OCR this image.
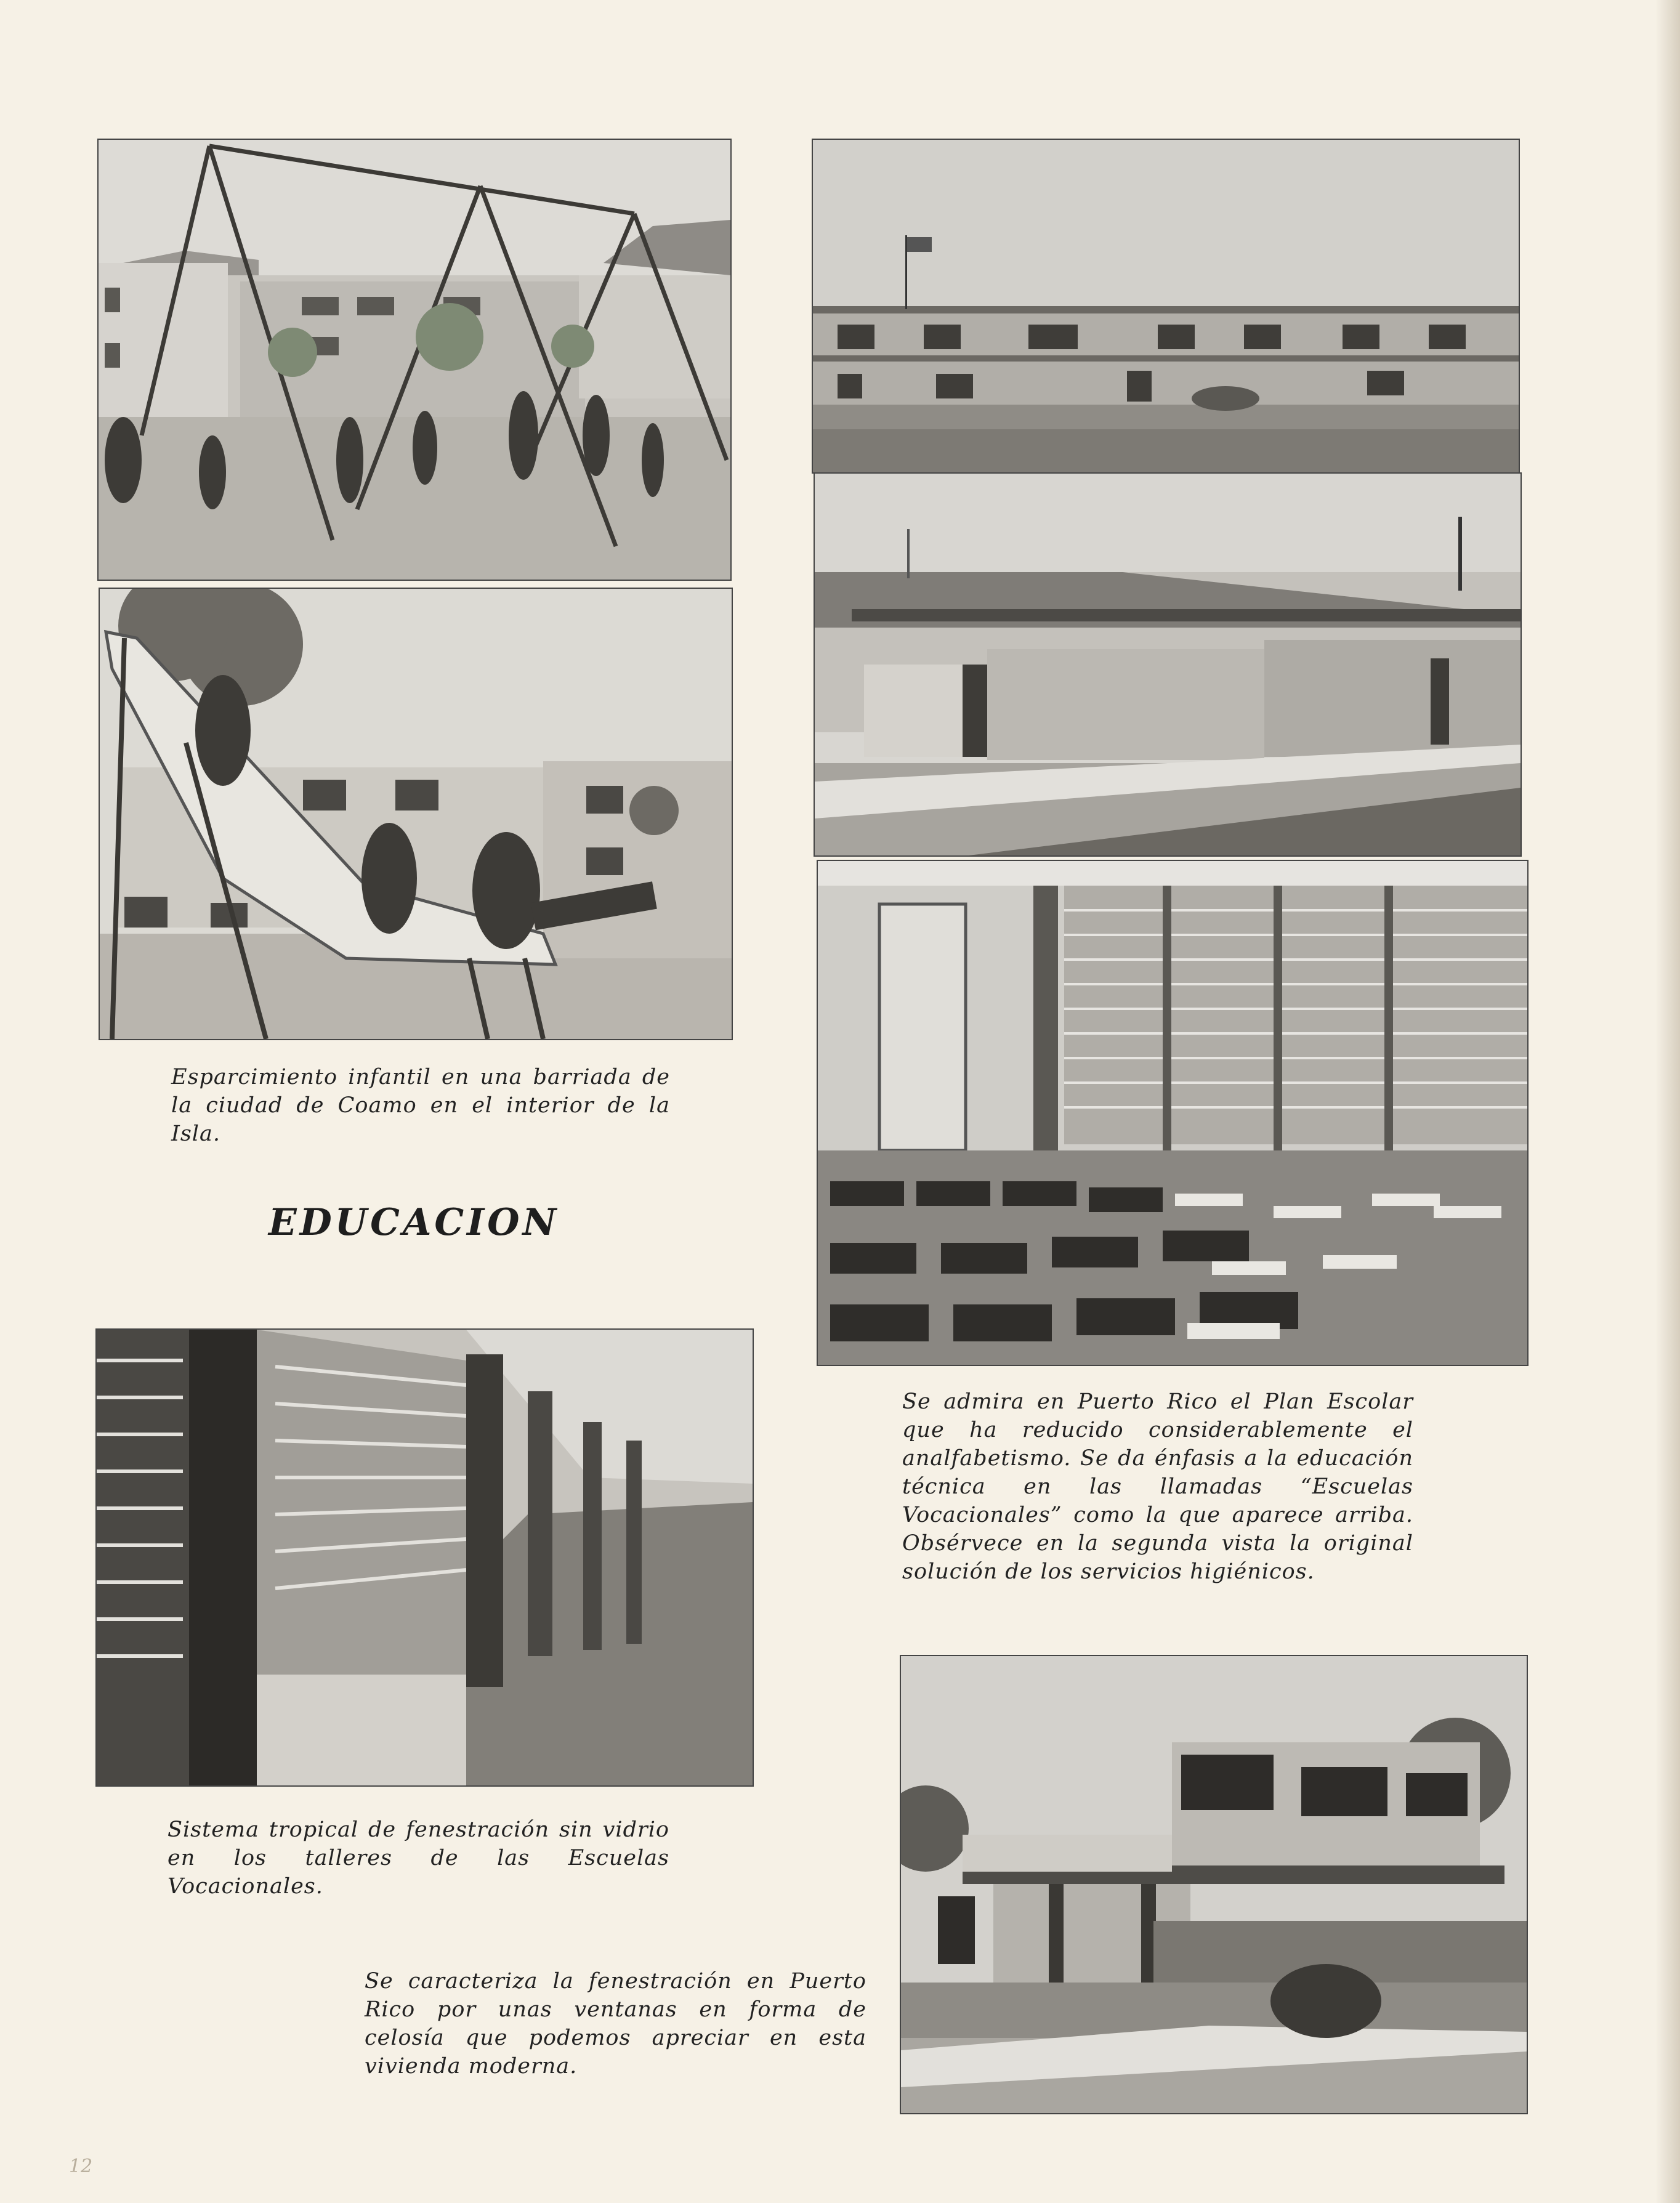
Esparcimiento infantil en una barriada de la ciudad de Coamo en el interior de la Isla.
EDUCACION
Se admira en Puerto Rico el Plan Escolar que ha reducido considerablemente el analfabetismo. Se da énfasis a la educación técnica en las llamadas “Escuelas Vocacionales” como la que aparece arriba. Obsérvece en la segunda vista la original solución de los servicios higiénicos.
Sistema tropical de fenestración sin vidrio en los talleres de las Escuelas Vocacionales.
Se caracteriza la fenestración en Puerto Rico por unas ventanas en forma de celosía que podemos apreciar en esta vivienda moderna.
12
